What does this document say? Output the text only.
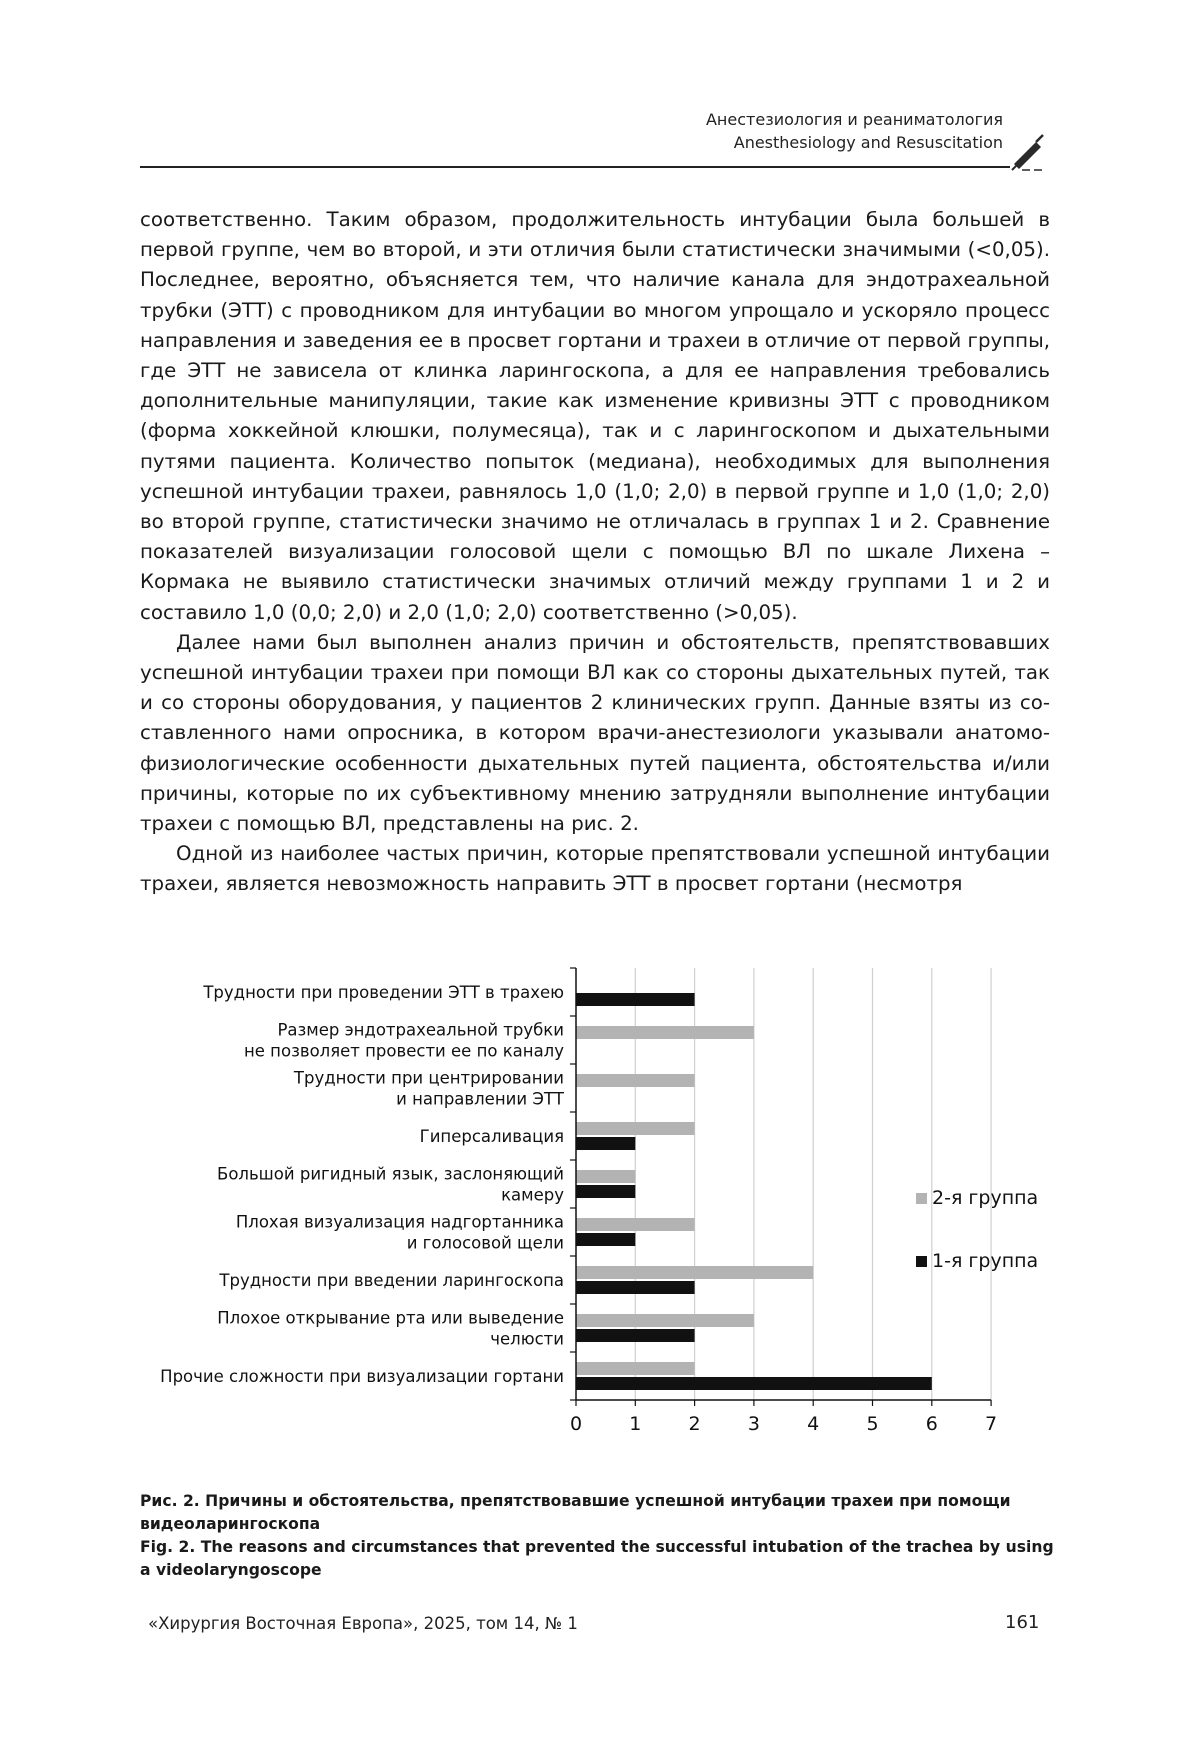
Анестезиология и реаниматология
Anesthesiology and Resuscitation

соответственно. Таким образом, продолжительность интубации была большей в первой группе, чем во второй, и эти отличия были статистически значимыми (<0,05). Последнее, вероятно, объясняется тем, что наличие канала для эндотрахеальной трубки (ЭТТ) с проводником для интубации во многом упрощало и ускоряло процесс направления и заведения ее в просвет гортани и трахеи в отличие от первой группы, где ЭТТ не зависела от клинка ларингоскопа, а для ее направления требовались дополнительные манипуляции, такие как изменение кривизны ЭТТ с проводником (форма хоккейной клюшки, полумесяца), так и с ларингоскопом и дыхательными путями пациента. Количество попыток (медиана), необходимых для выполнения успешной интубации трахеи, равнялось 1,0 (1,0; 2,0) в первой группе и 1,0 (1,0; 2,0) во второй группе, статистически значимо не отличалась в группах 1 и 2. Сравнение показателей визуализации голосовой щели с помощью ВЛ по шкале Лихена – Кормака не выявило статистически значимых отличий между группами 1 и 2 и составило 1,0 (0,0; 2,0) и 2,0 (1,0; 2,0) соответственно (>0,05).

Далее нами был выполнен анализ причин и обстоятельств, препятствовавших успешной интубации трахеи при помощи ВЛ как со стороны дыхательных путей, так и со стороны оборудования, у пациентов 2 клинических групп. Данные взяты из составленного нами опросника, в котором врачи-анестезиологи указывали анатомофизиологические особенности дыхательных путей пациента, обстоятельства и/или причины, которые по их субъективному мнению затрудняли выполнение интубации трахеи с помощью ВЛ, представлены на рис. 2.

Одной из наиболее частых причин, которые препятствовали успешной интубации трахеи, является невозможность направить ЭТТ в просвет гортани (несмотря

Трудности при проведении ЭТТ в трахею
Размер эндотрахеальной трубки не позволяет провести ее по каналу
Трудности при центрировании и направлении ЭТТ
Гиперсаливация
Большой ригидный язык, заслоняющий камеру
Плохая визуализация надгортанника и голосовой щели
Трудности при введении ларингоскопа
Плохое открывание рта или выведение челюсти
Прочие сложности при визуализации гортани
0 1 2 3 4 5 6 7
2-я группа
1-я группа
Рис. 2. Причины и обстоятельства, препятствовавшие успешной интубации трахеи при помощи видеоларингоскопа
Fig. 2. The reasons and circumstances that prevented the successful intubation of the trachea by using a videolaryngoscope
«Хирургия Восточная Европа», 2025, том 14, № 1	161
